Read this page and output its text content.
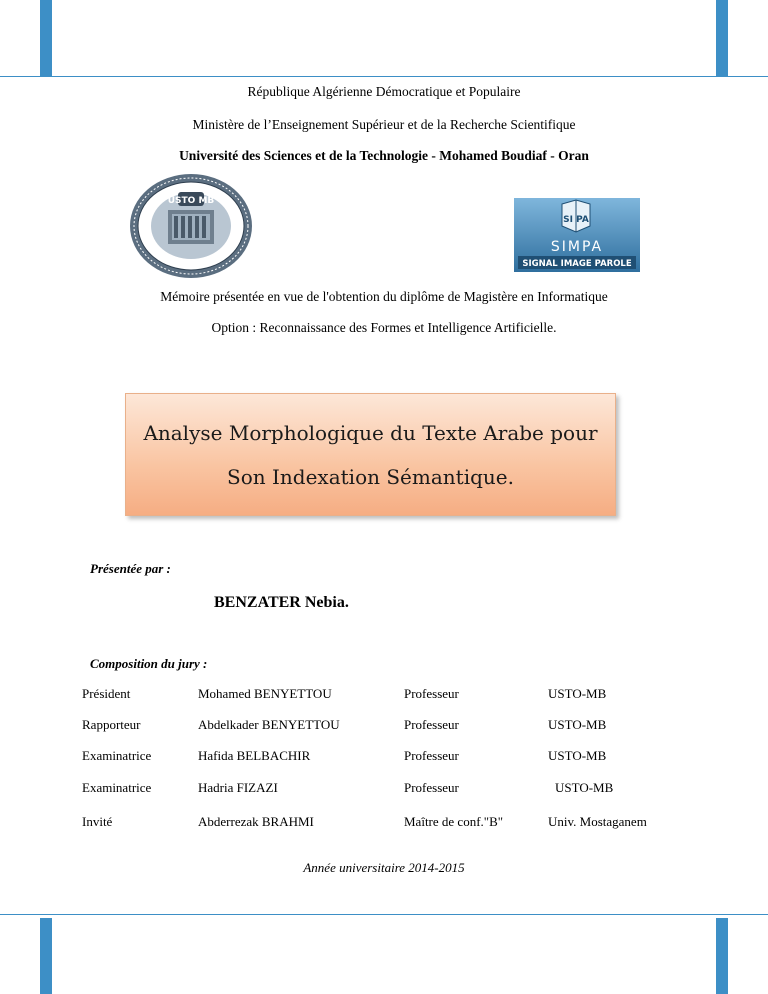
République Algérienne Démocratique et Populaire
Ministère de l’Enseignement Supérieur et de la Recherche Scientifique
Université des Sciences et de la Technologie - Mohamed Boudiaf - Oran
USTO MB
SI PA
SIMPA
SIGNAL IMAGE PAROLE
Mémoire présentée en vue de l'obtention du diplôme de Magistère en Informatique
Option : Reconnaissance des Formes et Intelligence Artificielle.
Analyse Morphologique du Texte Arabe pour
Son Indexation Sémantique.
Présentée par :
BENZATER Nebia.
Composition du jury :
Président	Mohamed BENYETTOU	Professeur	USTO-MB
Rapporteur	Abdelkader BENYETTOU	Professeur	USTO-MB
Examinatrice	Hafida BELBACHIR	Professeur	USTO-MB
Examinatrice	Hadria FIZAZI	Professeur	USTO-MB
Invité	Abderrezak BRAHMI	Maître de conf."B"	Univ. Mostaganem
Année universitaire 2014-2015
